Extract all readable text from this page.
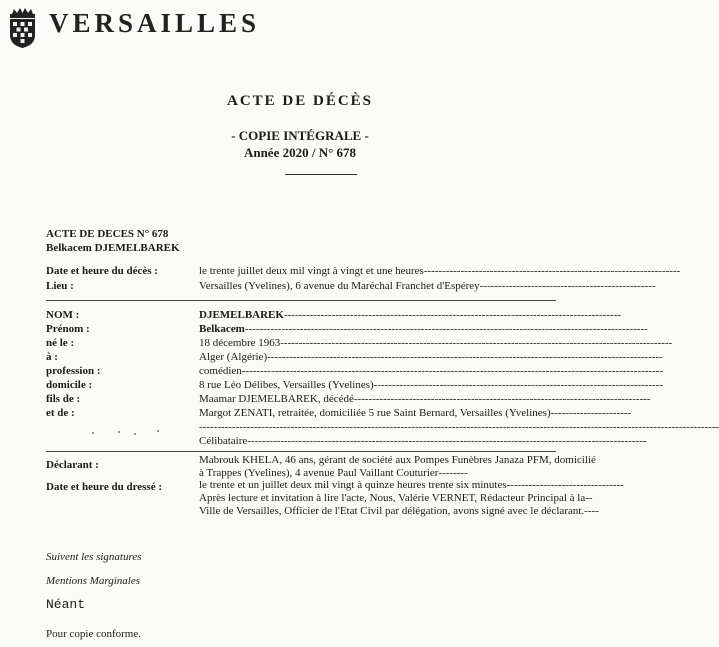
VERSAILLES
ACTE DE DÉCÈS
- COPIE INTÉGRALE -
Année 2020 / N° 678
ACTE DE DECES N° 678
Belkacem DJEMELBAREK
Date et heure du décès :	le trente juillet deux mil vingt à vingt et une heures----------------------------------------------------------------------
Lieu :	Versailles (Yvelines), 6 avenue du Maréchal Franchet d'Espérey------------------------------------------------
NOM :	DJEMELBAREK--------------------------------------------------------------------------------------------
Prénom :	Belkacem--------------------------------------------------------------------------------------------------------------
né le :	18 décembre 1963-----------------------------------------------------------------------------------------------------------
à :	Alger (Algérie)------------------------------------------------------------------------------------------------------------
profession :	comédien-------------------------------------------------------------------------------------------------------------------
domicile :	8 rue Léo Délibes, Versailles (Yvelines)-------------------------------------------------------------------------------
fils de :	Maamar DJEMELBAREK, décédé---------------------------------------------------------------------------------
et de :	Margot ZENATI, retraitée, domiciliée 5 rue Saint Bernard, Versailles (Yvelines)----------------------
----------------------------------------------------------------------------------------------------------------------------------------------
Célibataire-------------------------------------------------------------------------------------------------------------
Déclarant :	Mabrouk KHELA, 46 ans, gérant de société aux Pompes Funèbres Janaza PFM, domicilié
à Trappes (Yvelines), 4 avenue Paul Vaillant Couturier--------
Date et heure du dressé :	le trente et un juillet deux mil vingt à quinze heures trente six minutes--------------------------------
Après lecture et invitation à lire l'acte, Nous, Valérie VERNET, Rédacteur Principal à la--
Ville de Versailles, Officier de l'Etat Civil par délégation, avons signé avec le déclarant.----
Suivent les signatures
Mentions Marginales
Néant
Pour copie conforme.
